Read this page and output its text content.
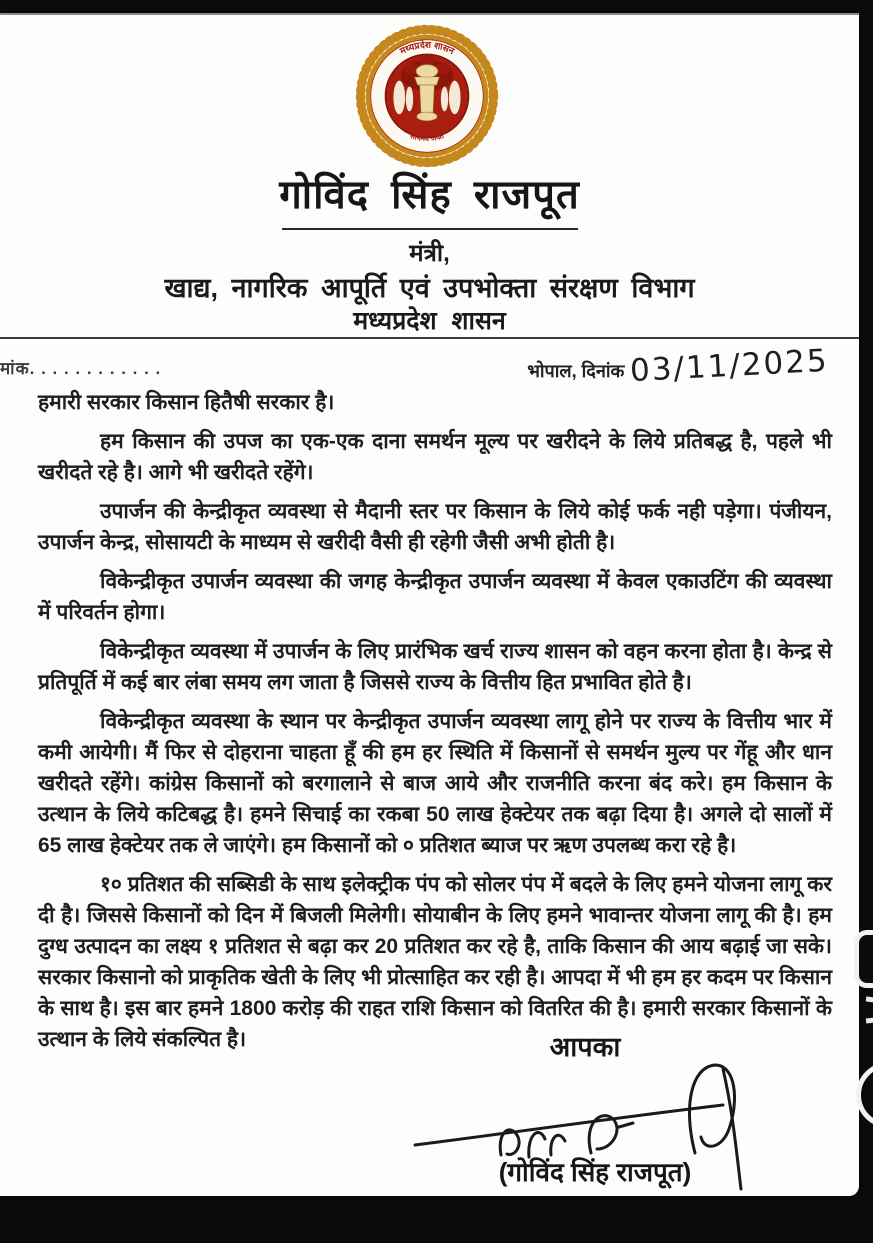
मध्यप्रदेश शासन
सत्यमेव जयते
गोविंद सिंह राजपूत
मंत्री,
खाद्य, नागरिक आपूर्ति एवं उपभोक्ता संरक्षण विभाग
मध्यप्रदेश शासन
मांक. . . . . . . . . . . .	भोपाल, दिनांक 03/11/2025

हमारी सरकार किसान हितैषी सरकार है।

हम किसान की उपज का एक-एक दाना समर्थन मूल्य पर खरीदने के लिये प्रतिबद्ध है, पहले भी खरीदते रहे है। आगे भी खरीदते रहेंगे।

उपार्जन की केन्द्रीकृत व्यवस्था से मैदानी स्तर पर किसान के लिये कोई फर्क नही पड़ेगा। पंजीयन, उपार्जन केन्द्र, सोसायटी के माध्यम से खरीदी वैसी ही रहेगी जैसी अभी होती है।

विकेन्द्रीकृत उपार्जन व्यवस्था की जगह केन्द्रीकृत उपार्जन व्यवस्था में केवल एकाउटिंग की व्यवस्था में परिवर्तन होगा।

विकेन्द्रीकृत व्यवस्था में उपार्जन के लिए प्रारंभिक खर्च राज्य शासन को वहन करना होता है। केन्द्र से प्रतिपूर्ति में कई बार लंबा समय लग जाता है जिससे राज्य के वित्तीय हित प्रभावित होते है।

विकेन्द्रीकृत व्यवस्था के स्थान पर केन्द्रीकृत उपार्जन व्यवस्था लागू होने पर राज्य के वित्तीय भार में कमी आयेगी। मैं फिर से दोहराना चाहता हूँ की हम हर स्थिति में किसानों से समर्थन मुल्य पर गेंहू और धान खरीदते रहेंगे। कांग्रेस किसानों को बरगालाने से बाज आये और राजनीति करना बंद करे। हम किसान के उत्थान के लिये कटिबद्ध है। हमने सिचाई का रकबा 50 लाख हेक्टेयर तक बढ़ा दिया है। अगले दो सालों में 65 लाख हेक्टेयर तक ले जाएंगे। हम किसानों को ० प्रतिशत ब्याज पर ऋण उपलब्ध करा रहे है।

१० प्रतिशत की सब्सिडी के साथ इलेक्ट्रीक पंप को सोलर पंप में बदले के लिए हमने योजना लागू कर दी है। जिससे किसानों को दिन में बिजली मिलेगी। सोयाबीन के लिए हमने भावान्तर योजना लागू की है। हम दुग्ध उत्पादन का लक्ष्य १ प्रतिशत से बढ़ा कर 20 प्रतिशत कर रहे है, ताकि किसान की आय बढ़ाई जा सके। सरकार किसानो को प्राकृतिक खेती के लिए भी प्रोत्साहित कर रही है। आपदा में भी हम हर कदम पर किसान के साथ है। इस बार हमने 1800 करोड़ की राहत राशि किसान को वितरित की है। हमारी सरकार किसानों के उत्थान के लिये संकल्पित है।	आपका
(गोविंद सिंह राजपूत)
